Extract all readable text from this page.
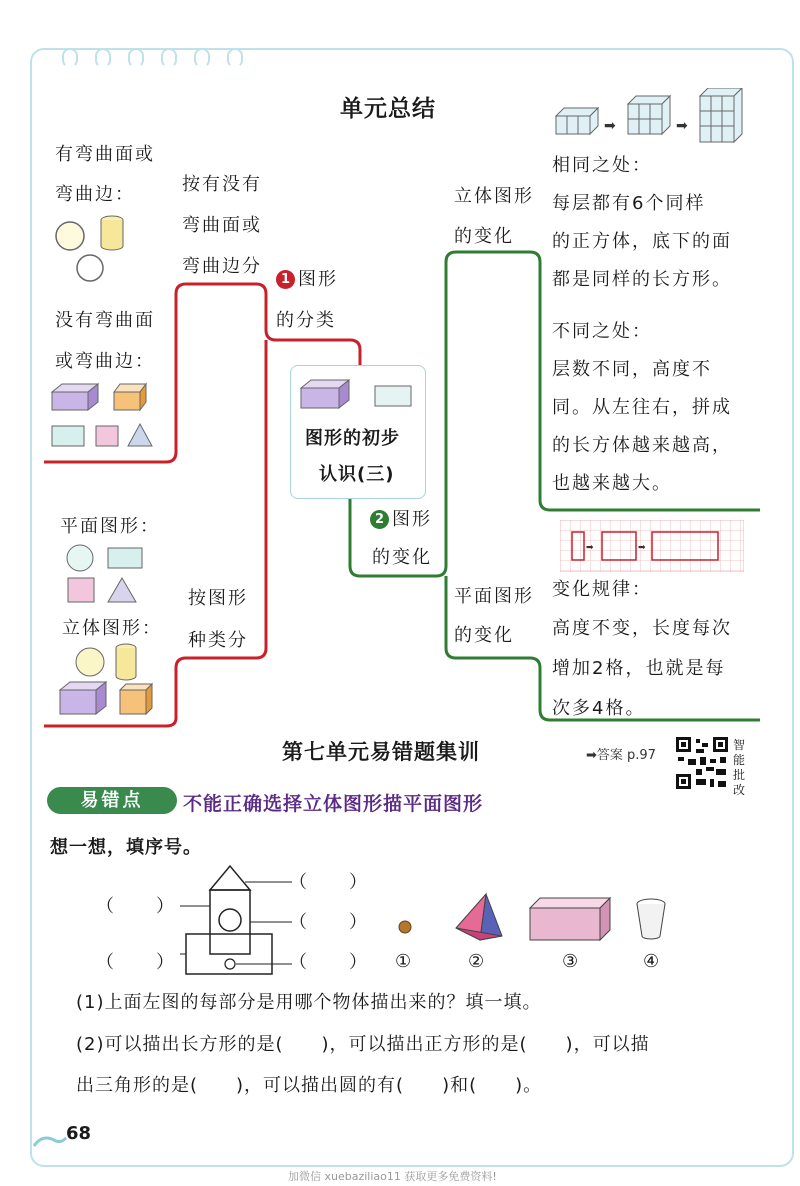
单元总结
有弯曲面或
弯曲边：	按有没有
弯曲面或
弯曲边分
1 图形
的分类
没有弯曲面
或弯曲边：
图形的初步
认识(三)
2 图形
的变化
平面图形：
立体图形：
按图形
种类分
➡	➡
立体图形
的变化
相同之处：
每层都有6个同样
的正方体，底下的面
都是同样的长方形。
不同之处：
层数不同，高度不
同。从左往右，拼成
的长方体越来越高，
也越来越大。
➡	➡
平面图形
的变化
变化规律：
高度不变，长度每次
增加2格，也就是每
次多4格。
第七单元易错题集训	➡答案 p.97
智
能
批
改
易错点	不能正确选择立体图形描平面图形
想一想，填序号。
（　　）
（　　）
（　　）
（　　）
（　　）	①	②	③	④
(1)上面左图的每部分是用哪个物体描出来的？填一填。
(2)可以描出长方形的是(　　)，可以描出正方形的是(　　)，可以描
出三角形的是(　　)，可以描出圆的有(　　)和(　　)。
68
加微信 xuebaziliao11 获取更多免费资料!
